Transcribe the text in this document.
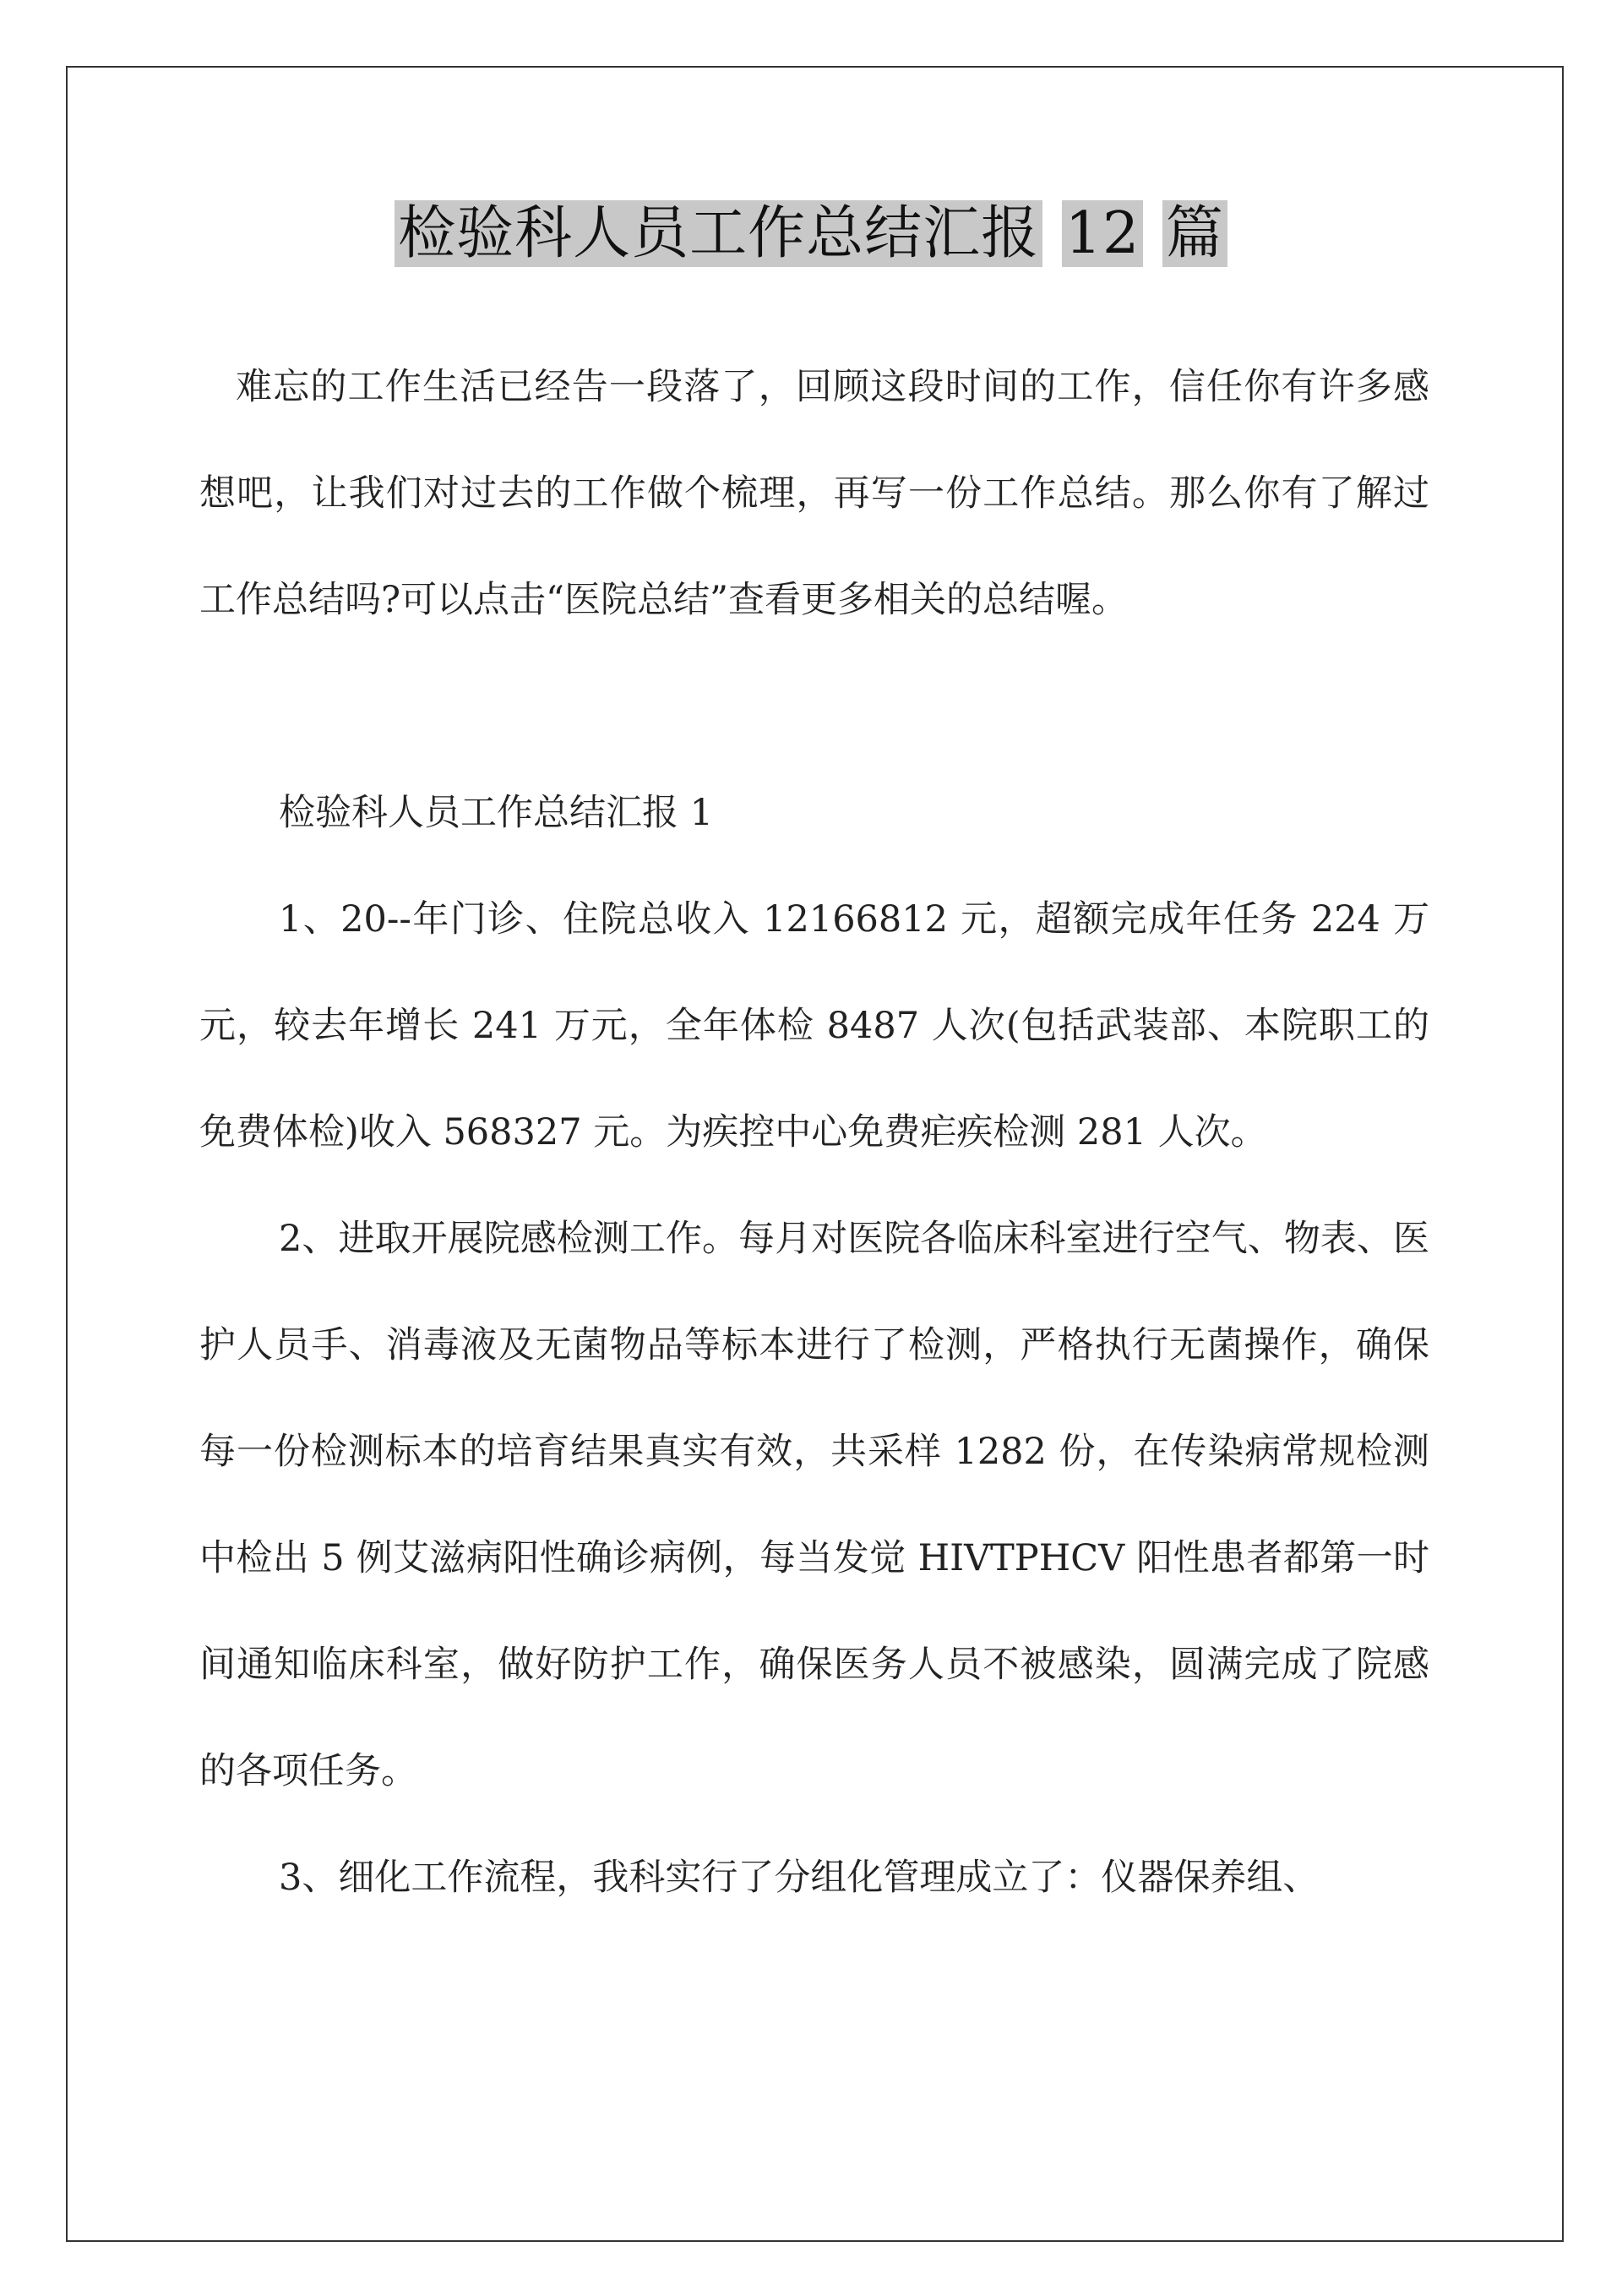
检验科人员工作总结汇报 12 篇

难忘的工作生活已经告一段落了，回顾这段时间的工作，信任你有许多感想吧，让我们对过去的工作做个梳理，再写一份工作总结。那么你有了解过工作总结吗?可以点击“医院总结”查看更多相关的总结喔。

检验科人员工作总结汇报 1

1、20--年门诊、住院总收入 12166812 元，超额完成年任务 224 万元，较去年增长 241 万元，全年体检 8487 人次(包括武装部、本院职工的免费体检)收入 568327 元。为疾控中心免费疟疾检测 281 人次。

2、进取开展院感检测工作。每月对医院各临床科室进行空气、物表、医护人员手、消毒液及无菌物品等标本进行了检测，严格执行无菌操作，确保每一份检测标本的培育结果真实有效，共采样 1282 份，在传染病常规检测中检出 5 例艾滋病阳性确诊病例，每当发觉 HIVTPHCV 阳性患者都第一时间通知临床科室，做好防护工作，确保医务人员不被感染，圆满完成了院感的各项任务。

3、细化工作流程，我科实行了分组化管理成立了：仪器保养组、
